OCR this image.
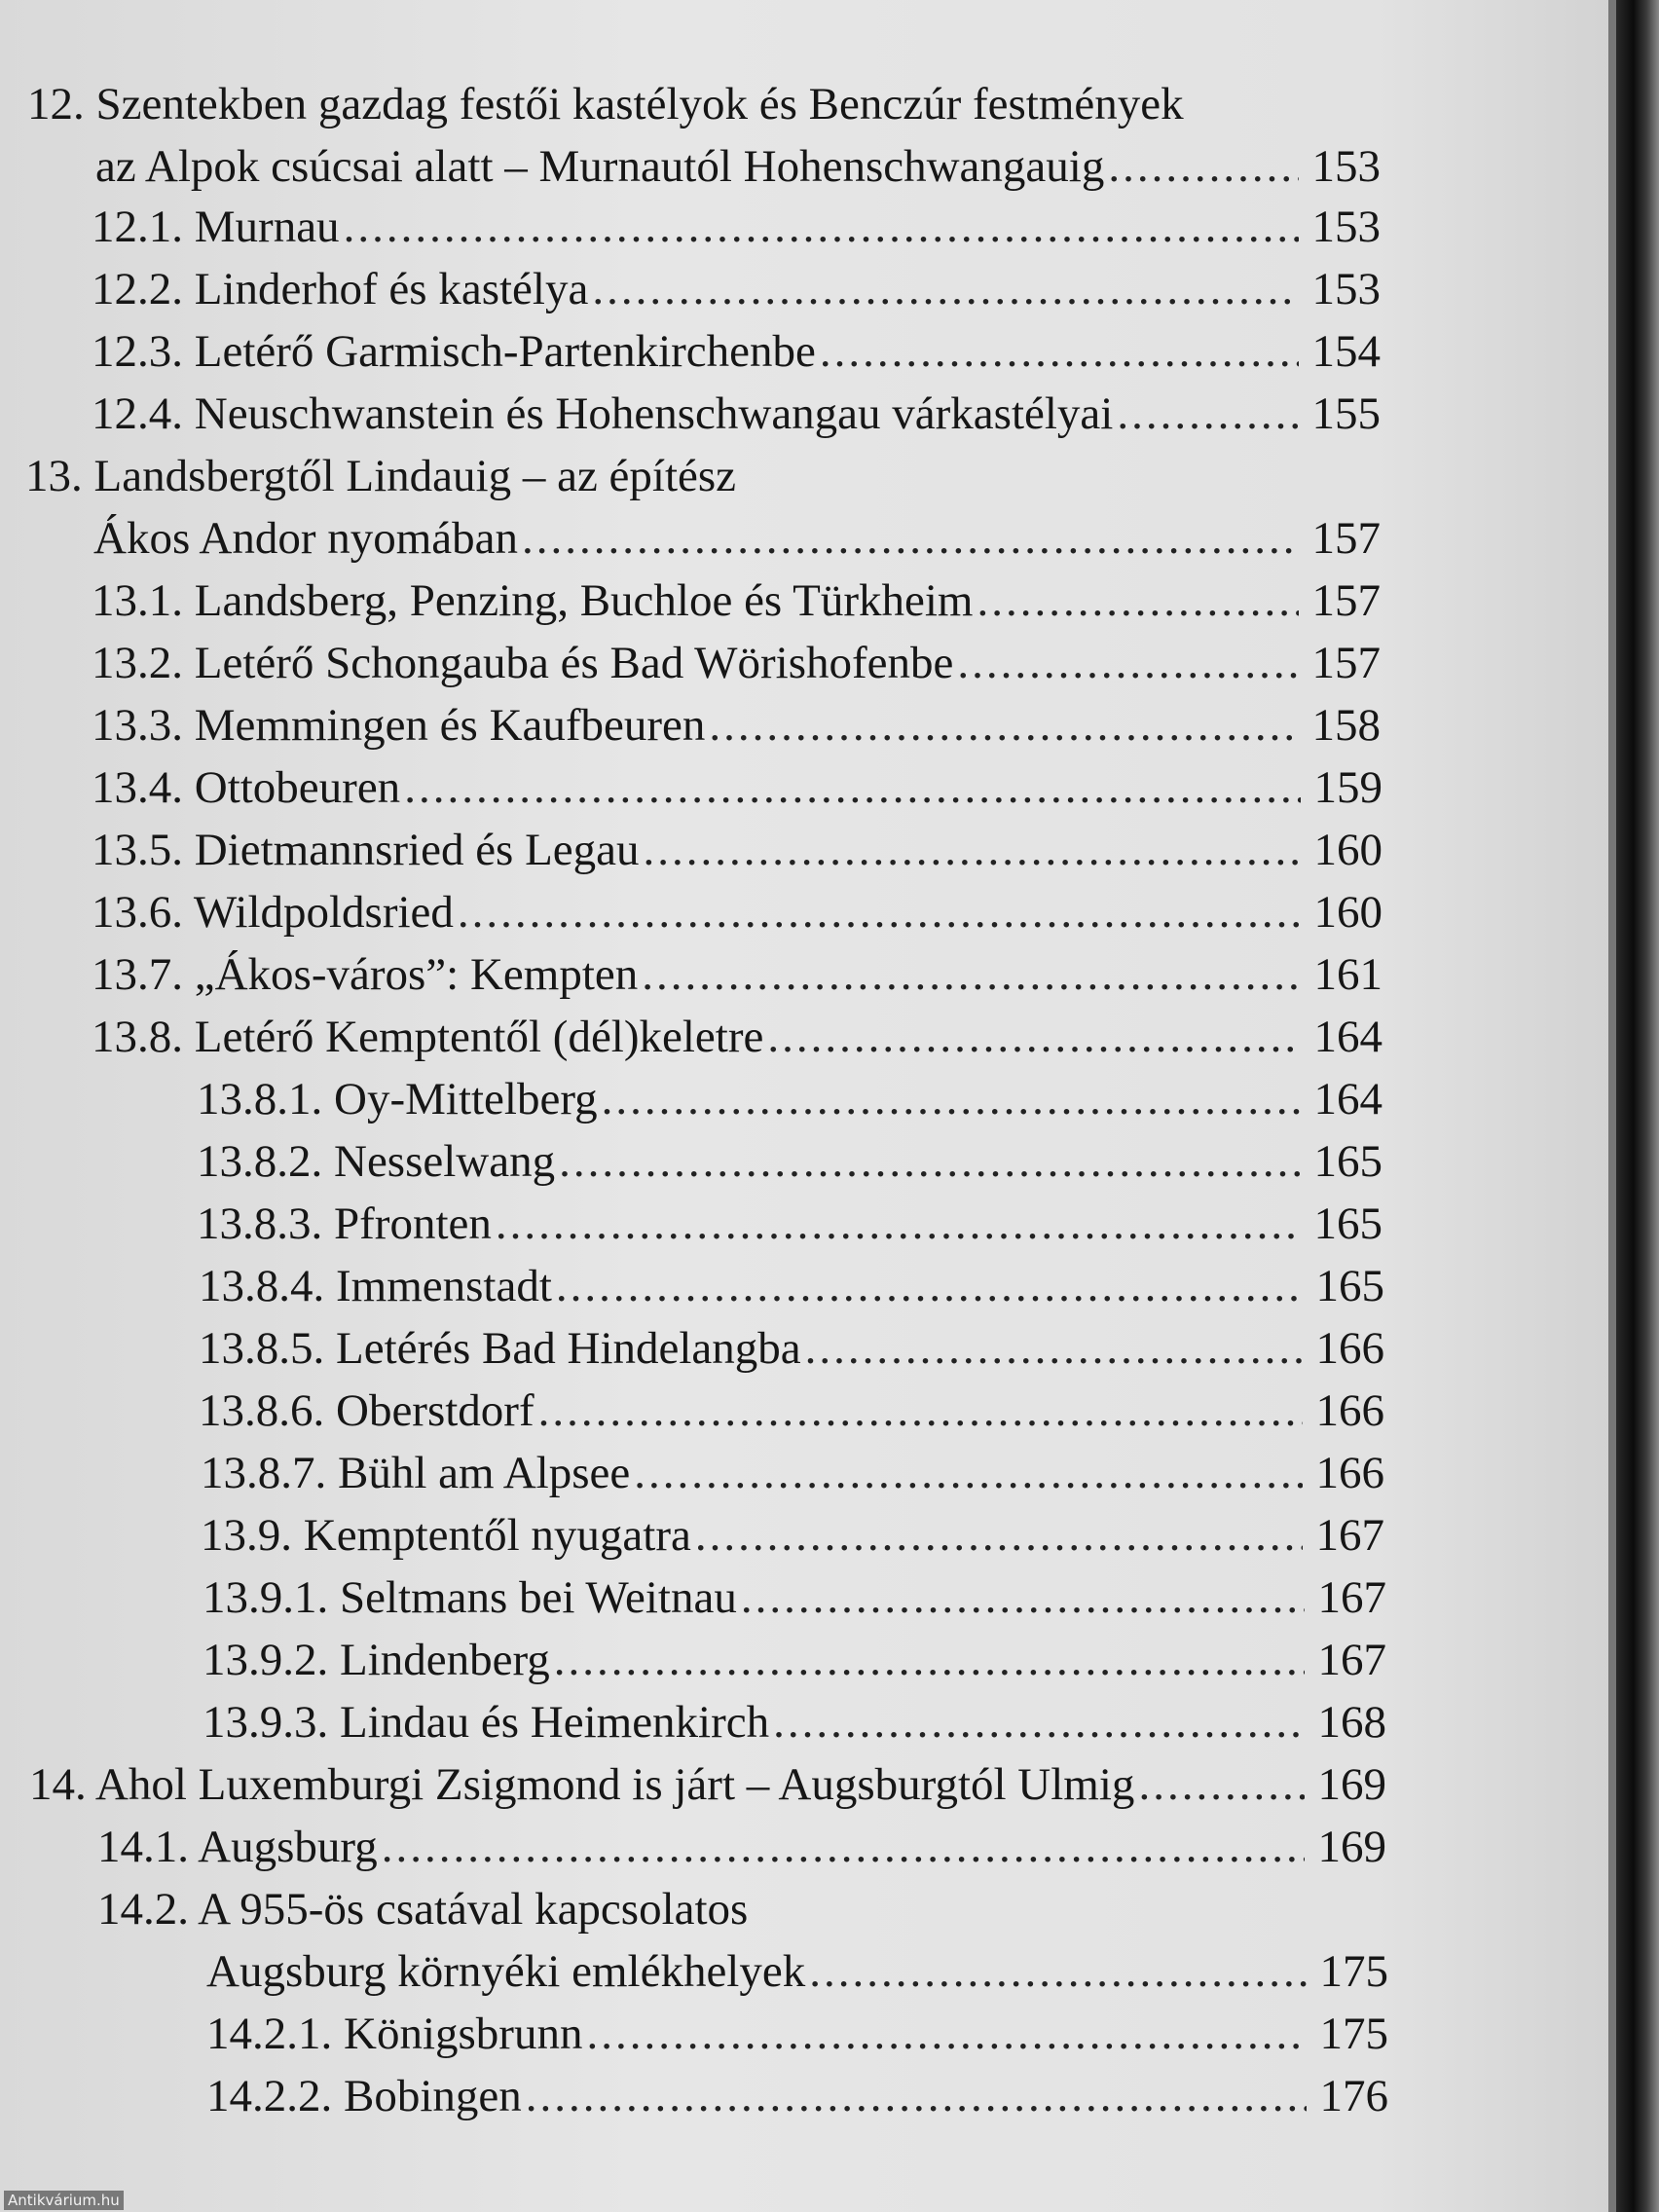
12. Szentekben gazdag festői kastélyok és Benczúr festmények
az Alpok csúcsai alatt – Murnautól Hohenschwangauig .....	153
12.1. Murnau .....	153
12.2. Linderhof és kastélya .....	153
12.3. Letérő Garmisch-Partenkirchenbe .....	154
12.4. Neuschwanstein és Hohenschwangau várkastélyai .....	155
13. Landsbergtől Lindauig – az építész
Ákos Andor nyomában .....	157
13.1. Landsberg, Penzing, Buchloe és Türkheim .....	157
13.2. Letérő Schongauba és Bad Wörishofenbe .....	157
13.3. Memmingen és Kaufbeuren .....	158
13.4. Ottobeuren .....	159
13.5. Dietmannsried és Legau .....	160
13.6. Wildpoldsried .....	160
13.7. „Ákos-város”: Kempten .....	161
13.8. Letérő Kemptentől (dél)keletre .....	164
13.8.1. Oy-Mittelberg .....	164
13.8.2. Nesselwang .....	165
13.8.3. Pfronten .....	165
13.8.4. Immenstadt .....	165
13.8.5. Letérés Bad Hindelangba .....	166
13.8.6. Oberstdorf .....	166
13.8.7. Bühl am Alpsee .....	166
13.9. Kemptentől nyugatra .....	167
13.9.1. Seltmans bei Weitnau .....	167
13.9.2. Lindenberg .....	167
13.9.3. Lindau és Heimenkirch .....	168
14. Ahol Luxemburgi Zsigmond is járt – Augsburgtól Ulmig .....	169
14.1. Augsburg .....	169
14.2. A 955-ös csatával kapcsolatos
Augsburg környéki emlékhelyek .....	175
14.2.1. Königsbrunn .....	175
14.2.2. Bobingen .....	176
Antikvárium.hu
